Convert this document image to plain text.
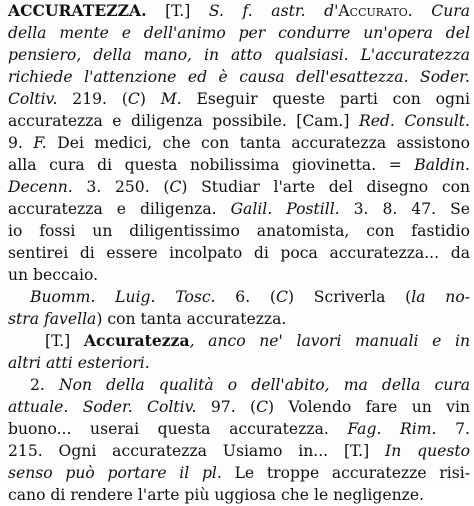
ACCURATEZZA. [T.] S. f. astr. d'Accurato. Cura
della mente e dell'animo per condurre un'opera del
pensiero, della mano, in atto qualsiasi. L'accuratezza
richiede l'attenzione ed è causa dell'esattezza. Soder.
Coltiv. 219. (C) M. Eseguir queste parti con ogni
accuratezza e diligenza possibile. [Cam.] Red. Consult.
9. F. Dei medici, che con tanta accuratezza assistono
alla cura di questa nobilissima giovinetta. = Baldin.
Decenn. 3. 250. (C) Studiar l'arte del disegno con
accuratezza e diligenza. Galil. Postill. 3. 8. 47. Se
io fossi un diligentissimo anatomista, con fastidio
sentirei di essere incolpato di poca accuratezza... da
un beccaio.
Buomm. Luig. Tosc. 6. (C) Scriverla (la no-
stra favella) con tanta accuratezza.
[T.] Accuratezza, anco ne' lavori manuali e in
altri atti esteriori.
2. Non della qualità o dell'abito, ma della cura
attuale. Soder. Coltiv. 97. (C) Volendo fare un vin
buono... userai questa accuratezza. Fag. Rim. 7.
215. Ogni accuratezza Usiamo in... [T.] In questo
senso può portare il pl. Le troppe accuratezze risi-
cano di rendere l'arte più uggiosa che le negligenze.
